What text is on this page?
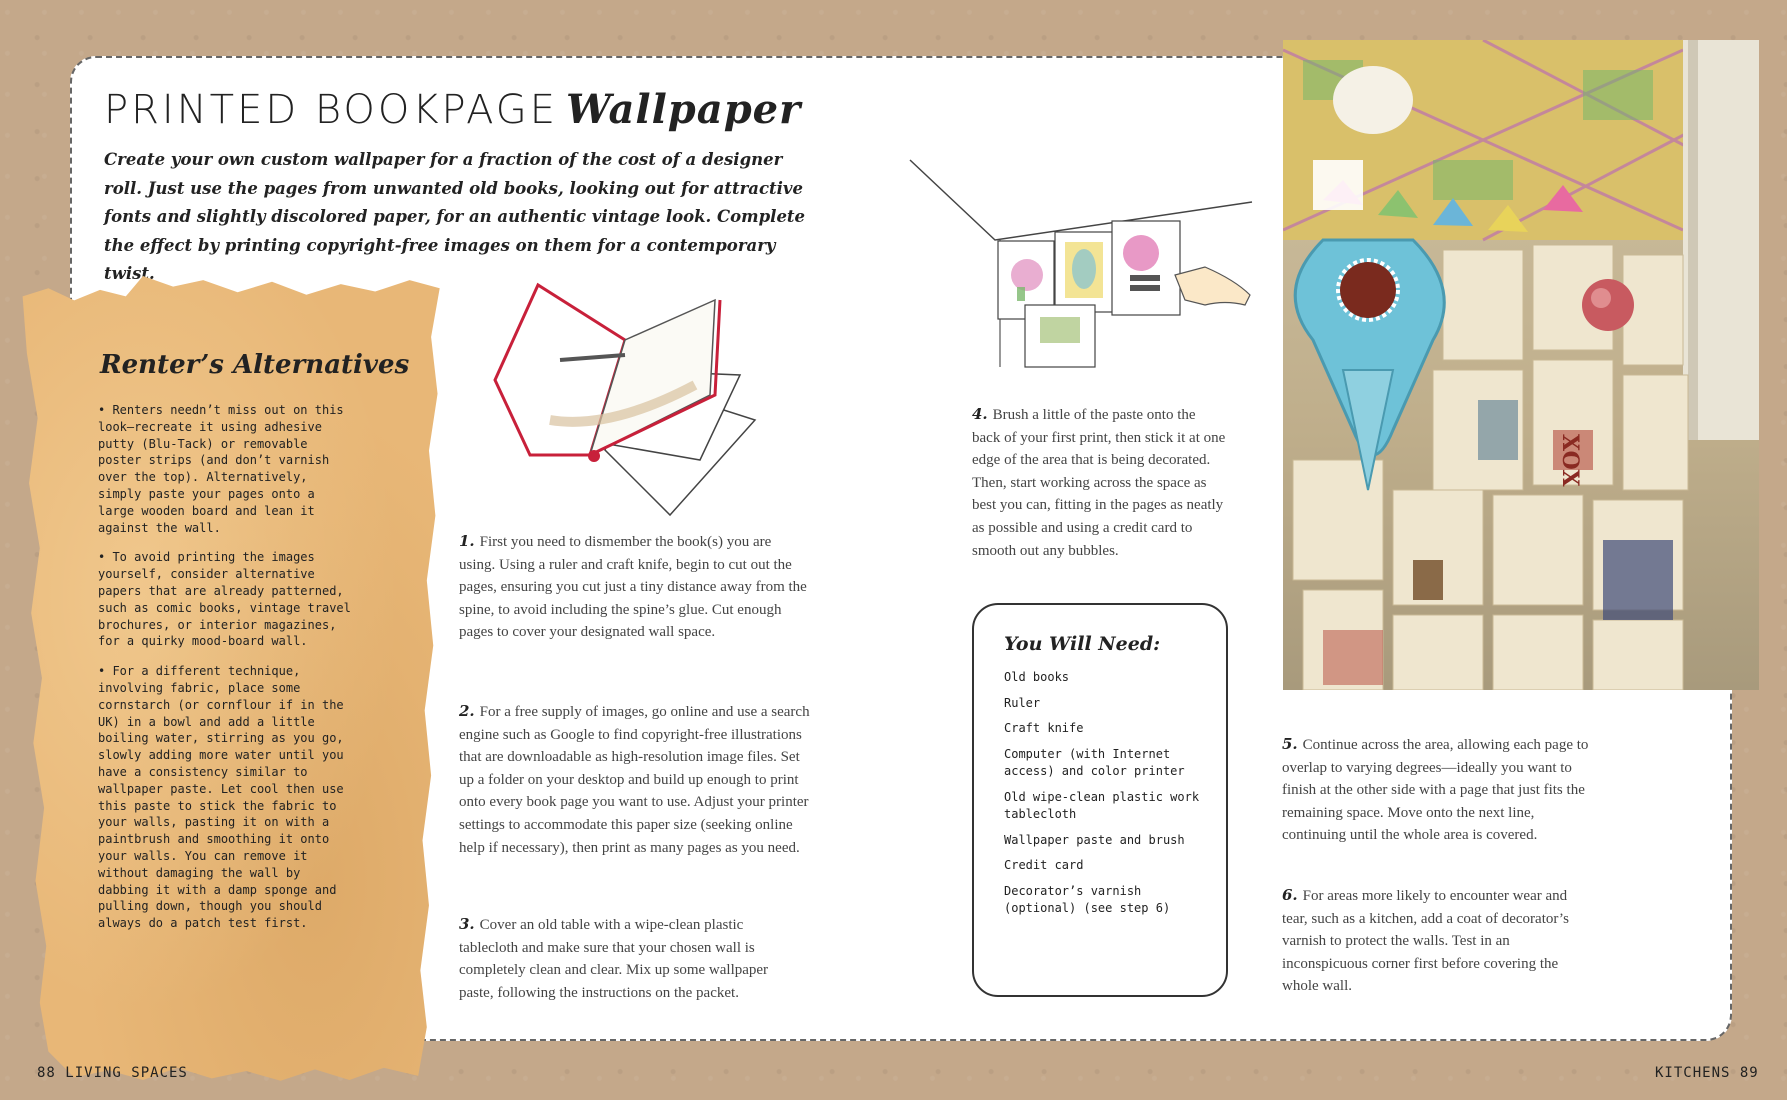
PRINTED BOOKPAGE Wallpaper

Create your own custom wallpaper for a fraction of the cost of a designer roll. Just use the pages from unwanted old books, looking out for attractive fonts and slightly discolored paper, for an authentic vintage look. Complete the effect by printing copyright-free images on them for a contemporary twist.

Renter’s Alternatives

• Renters needn’t miss out on this look—recreate it using adhesive putty (Blu-Tack) or removable poster strips (and don’t varnish over the top). Alternatively, simply paste your pages onto a large wooden board and lean it against the wall.

• To avoid printing the images yourself, consider alternative papers that are already patterned, such as comic books, vintage travel brochures, or interior magazines, for a quirky mood-board wall.

• For a different technique, involving fabric, place some cornstarch (or cornflour if in the UK) in a bowl and add a little boiling water, stirring as you go, slowly adding more water until you have a consistency similar to wallpaper paste. Let cool then use this paste to stick the fabric to your walls, pasting it on with a paintbrush and smoothing it onto your walls. You can remove it without damaging the wall by dabbing it with a damp sponge and pulling down, though you should always do a patch test first.

1. First you need to dismember the book(s) you are using. Using a ruler and craft knife, begin to cut out the pages, ensuring you cut just a tiny distance away from the spine, to avoid including the spine’s glue. Cut enough pages to cover your designated wall space.

2. For a free supply of images, go online and use a search engine such as Google to find copyright-free illustrations that are downloadable as high-resolution image files. Set up a folder on your desktop and build up enough to print onto every book page you want to use. Adjust your printer settings to accommodate this paper size (seeking online help if necessary), then print as many pages as you need.

3. Cover an old table with a wipe-clean plastic tablecloth and make sure that your chosen wall is completely clean and clear. Mix up some wallpaper paste, following the instructions on the packet.

4. Brush a little of the paste onto the back of your first print, then stick it at one edge of the area that is being decorated. Then, start working across the space as best you can, fitting in the pages as neatly as possible and using a credit card to smooth out any bubbles.

You Will Need:
Old books
Ruler
Craft knife
Computer (with Internet access) and color printer
Old wipe-clean plastic work tablecloth
Wallpaper paste and brush
Credit card
Decorator’s varnish (optional) (see step 6)
XOX

5. Continue across the area, allowing each page to overlap to varying degrees—ideally you want to finish at the other side with a page that just fits the remaining space. Move onto the next line, continuing until the whole area is covered.

6. For areas more likely to encounter wear and tear, such as a kitchen, add a coat of decorator’s varnish to protect the walls. Test in an inconspicuous corner first before covering the whole wall.

88 LIVING SPACES	KITCHENS 89
